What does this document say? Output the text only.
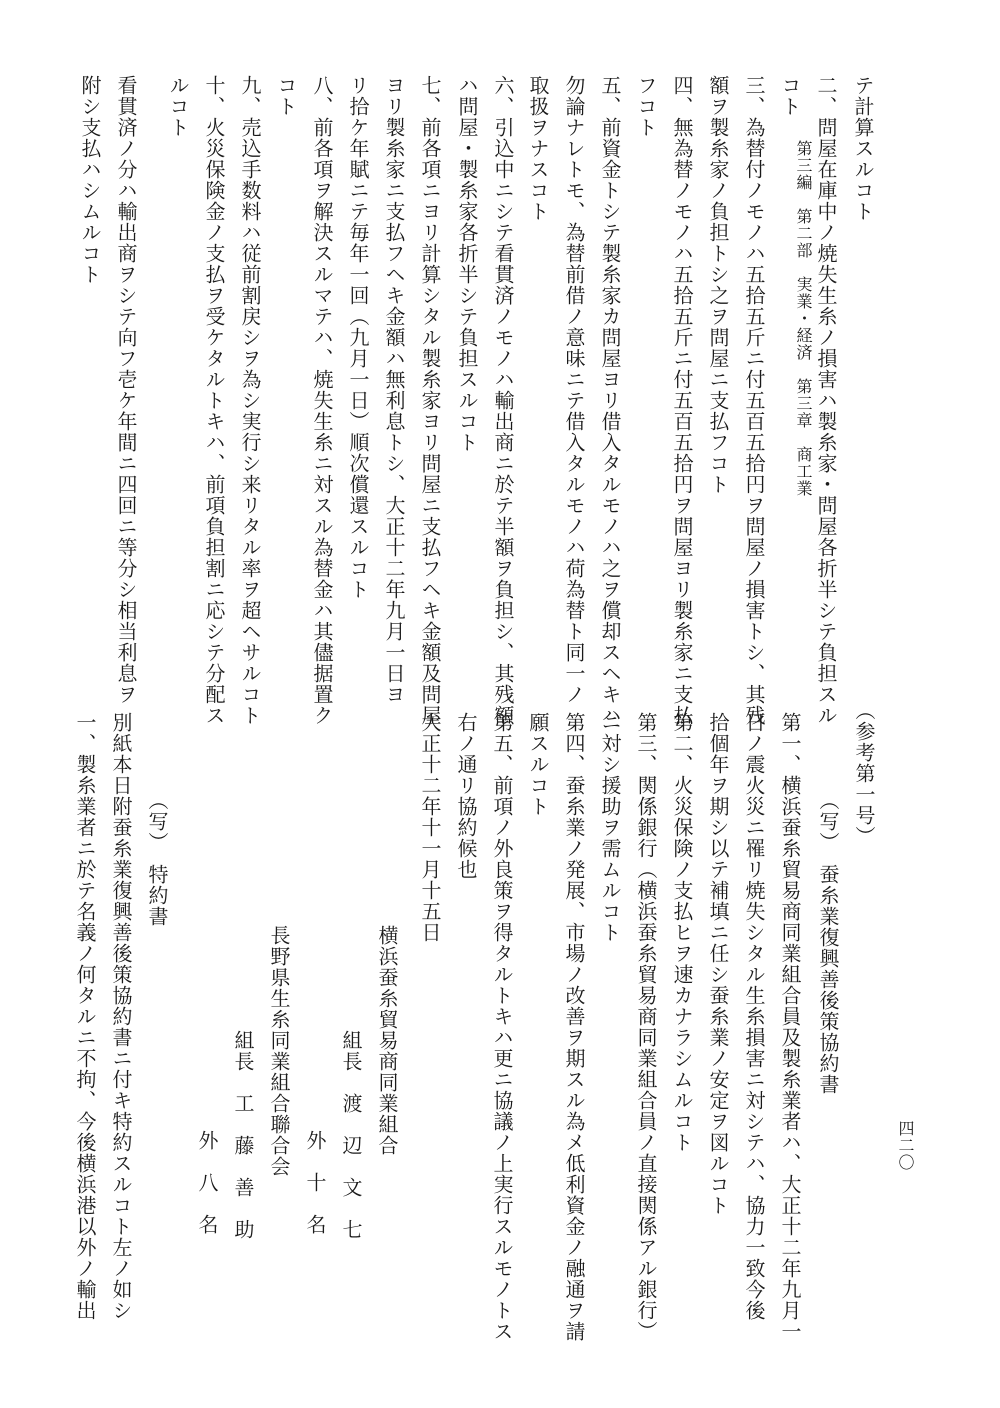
第三編　第二部　実業・経済　第三章　商工業
四二〇
テ計算スルコト
二、問屋在庫中ノ焼失生糸ノ損害ハ製糸家・問屋各折半シテ負担スル
コト
三、為替付ノモノハ五拾五斤ニ付五百五拾円ヲ問屋ノ損害トシ、其残
額ヲ製糸家ノ負担トシ之ヲ問屋ニ支払フコト
四、無為替ノモノハ五拾五斤ニ付五百五拾円ヲ問屋ヨリ製糸家ニ支払
フコト
五、前資金トシテ製糸家カ問屋ヨリ借入タルモノハ之ヲ償却スヘキハ
勿論ナレトモ、為替前借ノ意味ニテ借入タルモノハ荷為替ト同一ノ
取扱ヲナスコト
六、引込中ニシテ看貫済ノモノハ輸出商ニ於テ半額ヲ負担シ、其残額
ハ問屋・製糸家各折半シテ負担スルコト
七、前各項ニヨリ計算シタル製糸家ヨリ問屋ニ支払フヘキ金額及問屋
ヨリ製糸家ニ支払フヘキ金額ハ無利息トシ、大正十二年九月一日ヨ
リ拾ケ年賦ニテ毎年一回（九月一日）順次償還スルコト
八、前各項ヲ解決スルマテハ、焼失生糸ニ対スル為替金ハ其儘据置ク
コト
九、売込手数料ハ従前割戻シヲ為シ実行シ来リタル率ヲ超ヘサルコト
十、火災保険金ノ支払ヲ受ケタルトキハ、前項負担割ニ応シテ分配ス
ルコト
看貫済ノ分ハ輸出商ヲシテ向フ壱ケ年間ニ四回ニ等分シ相当利息ヲ
附シ支払ハシムルコト
（参考第一号）
（写）　蚕糸業復興善後策協約書
第一、横浜蚕糸貿易商同業組合員及製糸業者ハ、大正十二年九月一
日ノ震火災ニ罹リ焼失シタル生糸損害ニ対シテハ、協力一致今後
拾個年ヲ期シ以テ補填ニ任シ蚕糸業ノ安定ヲ図ルコト
第二、火災保険ノ支払ヒヲ速カナラシムルコト
第三、関係銀行（横浜蚕糸貿易商同業組合員ノ直接関係アル銀行）
ニ対シ援助ヲ需ムルコト
第四、蚕糸業ノ発展、市場ノ改善ヲ期スル為メ低利資金ノ融通ヲ請
願スルコト
第五、前項ノ外良策ヲ得タルトキハ更ニ協議ノ上実行スルモノトス
右ノ通リ協約候也
大正十二年十一月十五日
横浜蚕糸貿易商同業組合
組長　渡　辺　文　七
外　十　名
長野県生糸同業組合聯合会
組長　工　藤　善　助
外　八　名
（写）　特約書
別紙本日附蚕糸業復興善後策協約書ニ付キ特約スルコト左ノ如シ
一、製糸業者ニ於テ名義ノ何タルニ不拘、今後横浜港以外ノ輸出
